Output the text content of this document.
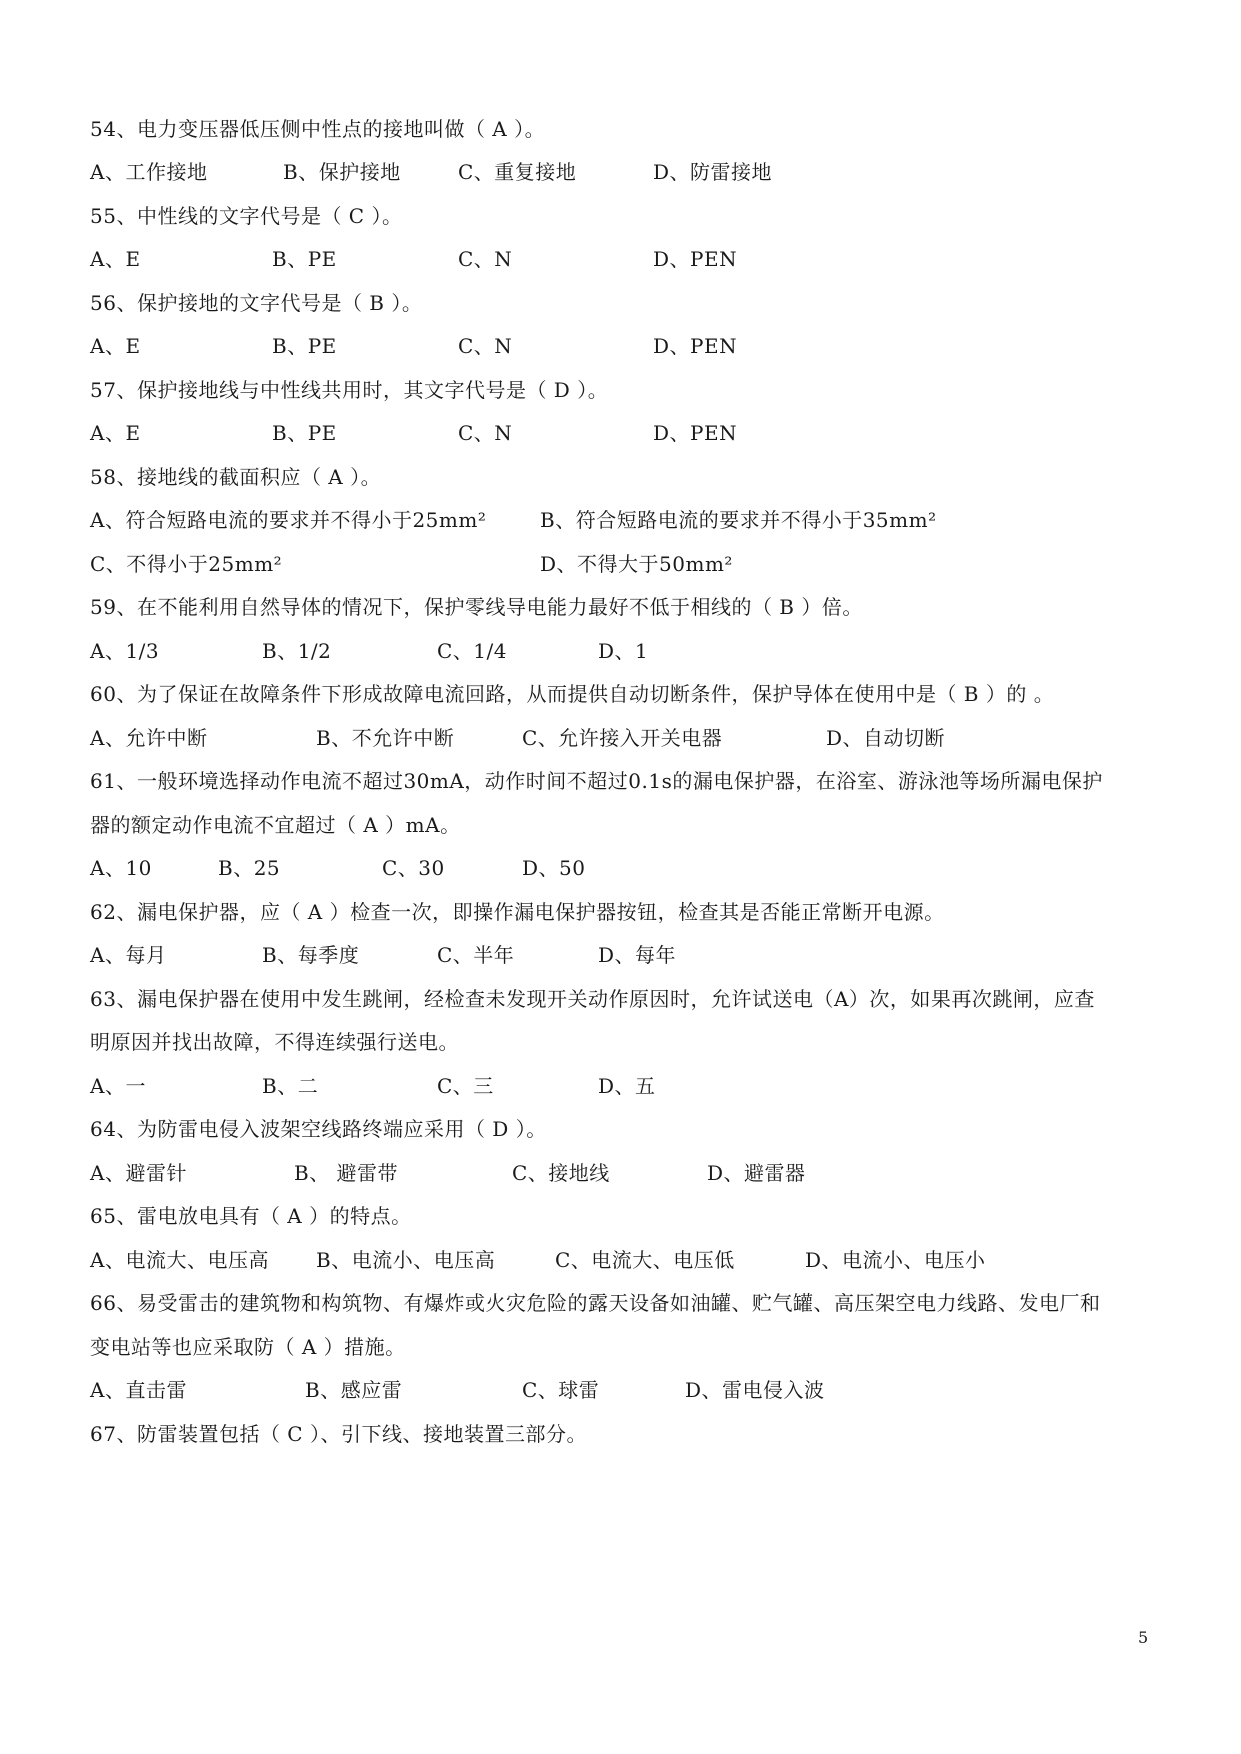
54、电力变压器低压侧中性点的接地叫做（ A ）。
A、工作接地	B、保护接地	C、重复接地	D、防雷接地
55、中性线的文字代号是（ C ）。
A、E	B、PE	C、N	D、PEN
56、保护接地的文字代号是（ B ）。
A、E	B、PE	C、N	D、PEN
57、保护接地线与中性线共用时，其文字代号是（ D ）。
A、E	B、PE	C、N	D、PEN
58、接地线的截面积应（ A ）。
A、符合短路电流的要求并不得小于25mm²	B、符合短路电流的要求并不得小于35mm²
C、不得小于25mm²	D、不得大于50mm²
59、在不能利用自然导体的情况下，保护零线导电能力最好不低于相线的（ B ）倍。
A、1/3	B、1/2	C、1/4	D、1
60、为了保证在故障条件下形成故障电流回路，从而提供自动切断条件，保护导体在使用中是（ B ）的 。
A、允许中断	B、不允许中断	C、允许接入开关电器	D、自动切断
61、一般环境选择动作电流不超过30mA，动作时间不超过0.1s的漏电保护器，在浴室、游泳池等场所漏电保护
器的额定动作电流不宜超过（ A ）mA。
A、10	B、25	C、30	D、50
62、漏电保护器，应（ A ）检查一次，即操作漏电保护器按钮，检查其是否能正常断开电源。
A、每月	B、每季度	C、半年	D、每年
63、漏电保护器在使用中发生跳闸，经检查未发现开关动作原因时，允许试送电（A）次，如果再次跳闸，应查
明原因并找出故障，不得连续强行送电。
A、一	B、二	C、三	D、五
64、为防雷电侵入波架空线路终端应采用（ D ）。
A、避雷针	B、 避雷带	C、接地线	D、避雷器
65、雷电放电具有（ A ）的特点。
A、电流大、电压高 B、电流小、电压高	C、电流大、电压低	D、电流小、电压小
66、易受雷击的建筑物和构筑物、有爆炸或火灾危险的露天设备如油罐、贮气罐、高压架空电力线路、发电厂和
变电站等也应采取防（ A ）措施。
A、直击雷	B、感应雷	C、球雷	D、雷电侵入波
67、防雷装置包括（ C ）、引下线、接地装置三部分。
5
